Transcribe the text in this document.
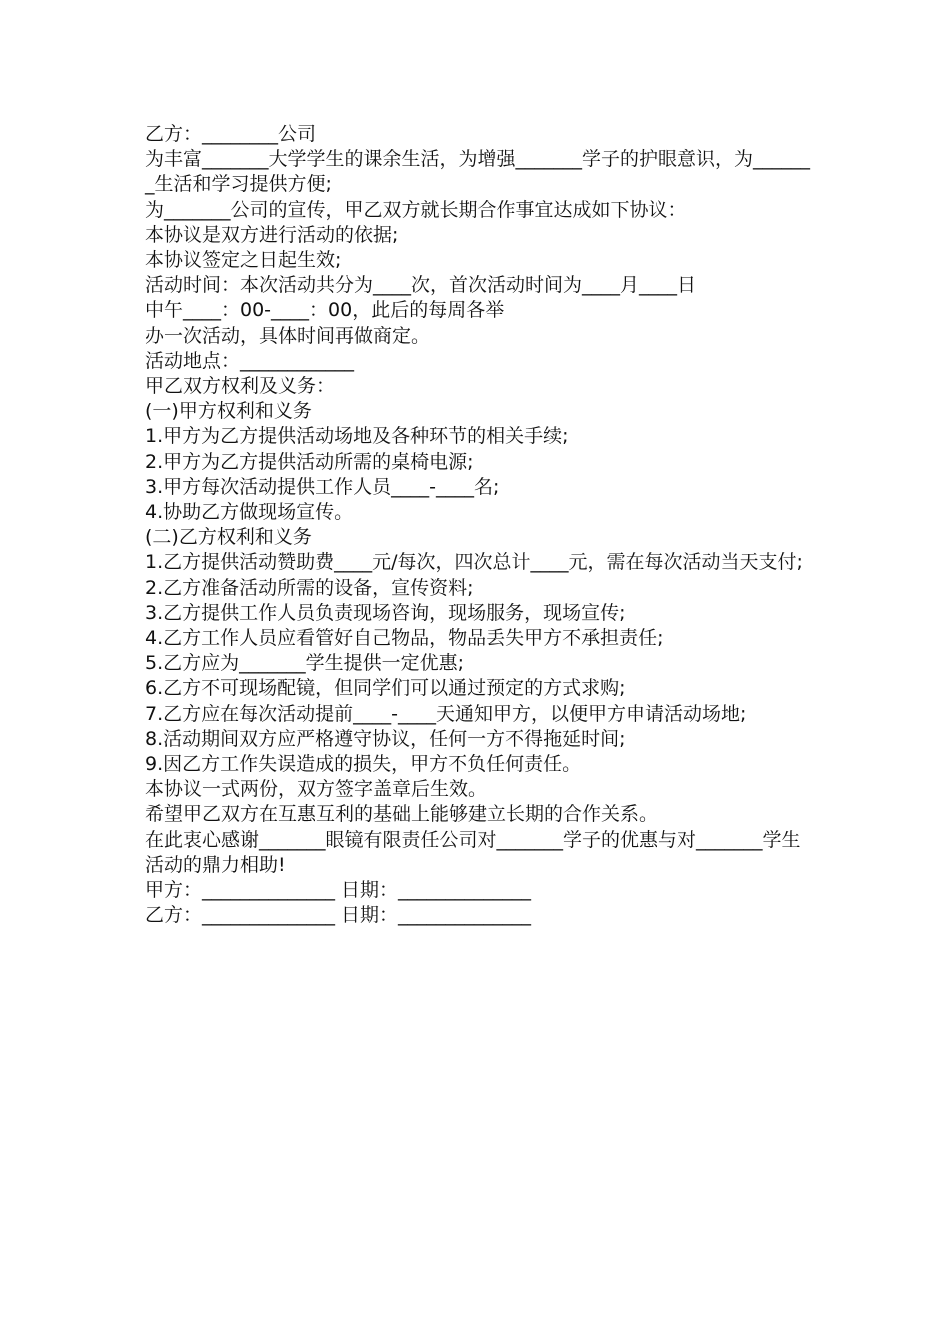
乙方：________公司

为丰富_______大学学生的课余生活，为增强_______学子的护眼意识，为_______生活和学习提供方便;

为_______公司的宣传，甲乙双方就长期合作事宜达成如下协议：

本协议是双方进行活动的依据;

本协议签定之日起生效;

活动时间：本次活动共分为____次，首次活动时间为____月____日

中午____：00-____：00，此后的每周各举

办一次活动，具体时间再做商定。

活动地点：____________

甲乙双方权利及义务：

(一)甲方权利和义务

1.甲方为乙方提供活动场地及各种环节的相关手续;

2.甲方为乙方提供活动所需的桌椅电源;

3.甲方每次活动提供工作人员____-____名;

4.协助乙方做现场宣传。

(二)乙方权利和义务

1.乙方提供活动赞助费____元/每次，四次总计____元，需在每次活动当天支付;

2.乙方准备活动所需的设备，宣传资料;

3.乙方提供工作人员负责现场咨询，现场服务，现场宣传;

4.乙方工作人员应看管好自己物品，物品丢失甲方不承担责任;

5.乙方应为_______学生提供一定优惠;

6.乙方不可现场配镜，但同学们可以通过预定的方式求购;

7.乙方应在每次活动提前____-____天通知甲方，以便甲方申请活动场地;

8.活动期间双方应严格遵守协议，任何一方不得拖延时间;

9.因乙方工作失误造成的损失，甲方不负任何责任。

本协议一式两份，双方签字盖章后生效。

希望甲乙双方在互惠互利的基础上能够建立长期的合作关系。

在此衷心感谢_______眼镜有限责任公司对_______学子的优惠与对_______学生活动的鼎力相助!

甲方：______________ 日期：______________

乙方：______________ 日期：______________
